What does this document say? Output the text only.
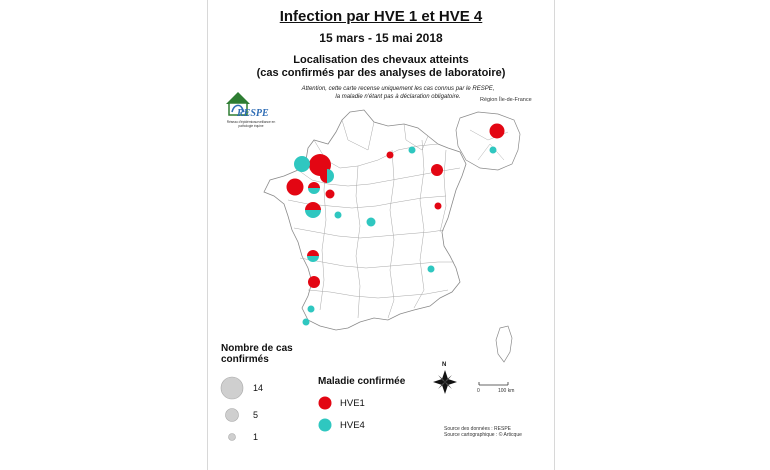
Infection par HVE 1 et HVE 4
15 mars - 15 mai 2018
Localisation des chevaux atteints
(cas confirmés par des analyses de laboratoire)
Attention, cette carte recense uniquement les cas connus par le RESPE,
la maladie n'étant pas à déclaration obligatoire.	Région Île-de-France
RESPE
Réseau d'épidémiosurveillance en pathologie équine
Nombre de cas
confirmés
14
5
1
Maladie confirmée
HVE1
HVE4
N
0	100 km
Source des données : RESPE
Source cartographique : © Articque
